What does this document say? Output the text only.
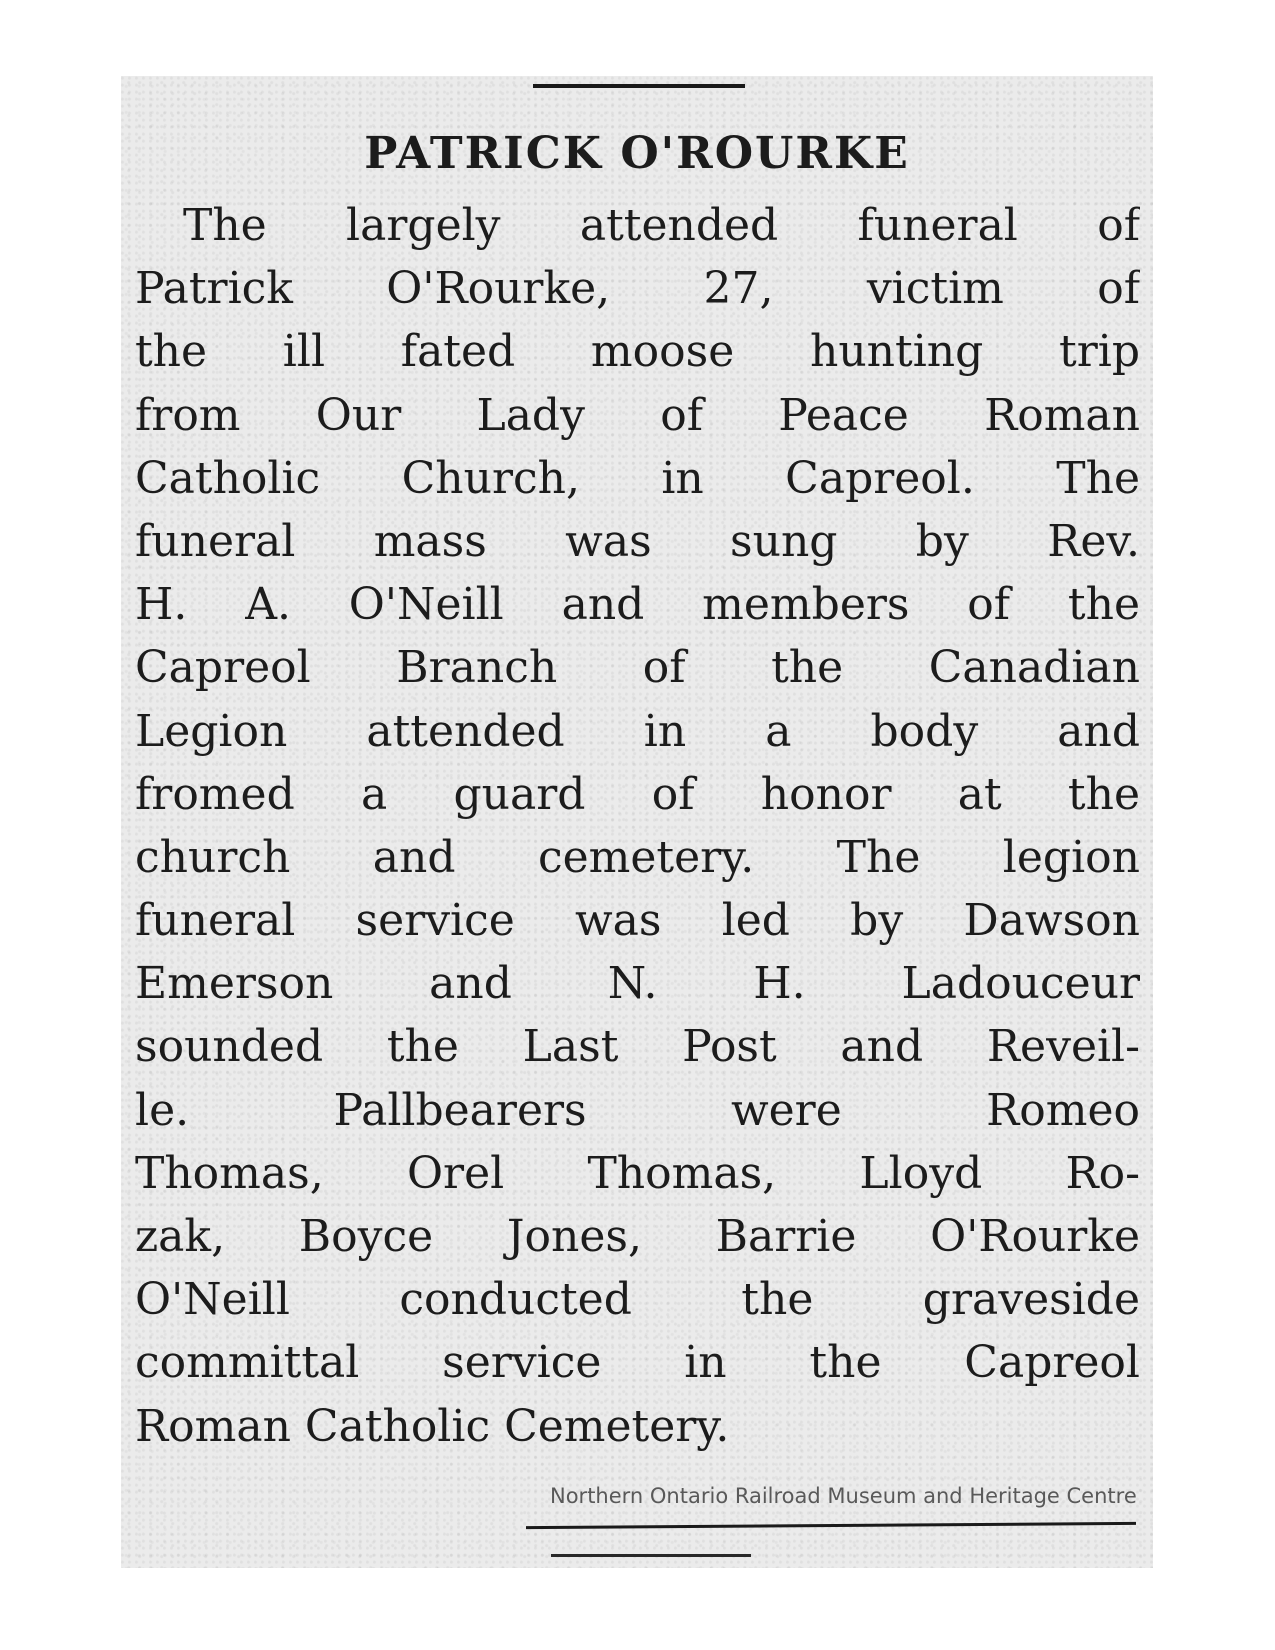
PATRICK O'ROURKE
The largely attended funeral of
Patrick O'Rourke, 27, victim of
the ill fated moose hunting trip
from Our Lady of Peace Roman
Catholic Church, in Capreol. The
funeral mass was sung by Rev.
H. A. O'Neill and members of the
Capreol Branch of the Canadian
Legion attended in a body and
fromed a guard of honor at the
church and cemetery. The legion
funeral service was led by Dawson
Emerson and N. H. Ladouceur
sounded the Last Post and Reveil-
le. Pallbearers were Romeo
Thomas, Orel Thomas, Lloyd Ro-
zak, Boyce Jones, Barrie O'Rourke
O'Neill conducted the graveside
committal service in the Capreol
Roman Catholic Cemetery.
Northern Ontario Railroad Museum and Heritage Centre
